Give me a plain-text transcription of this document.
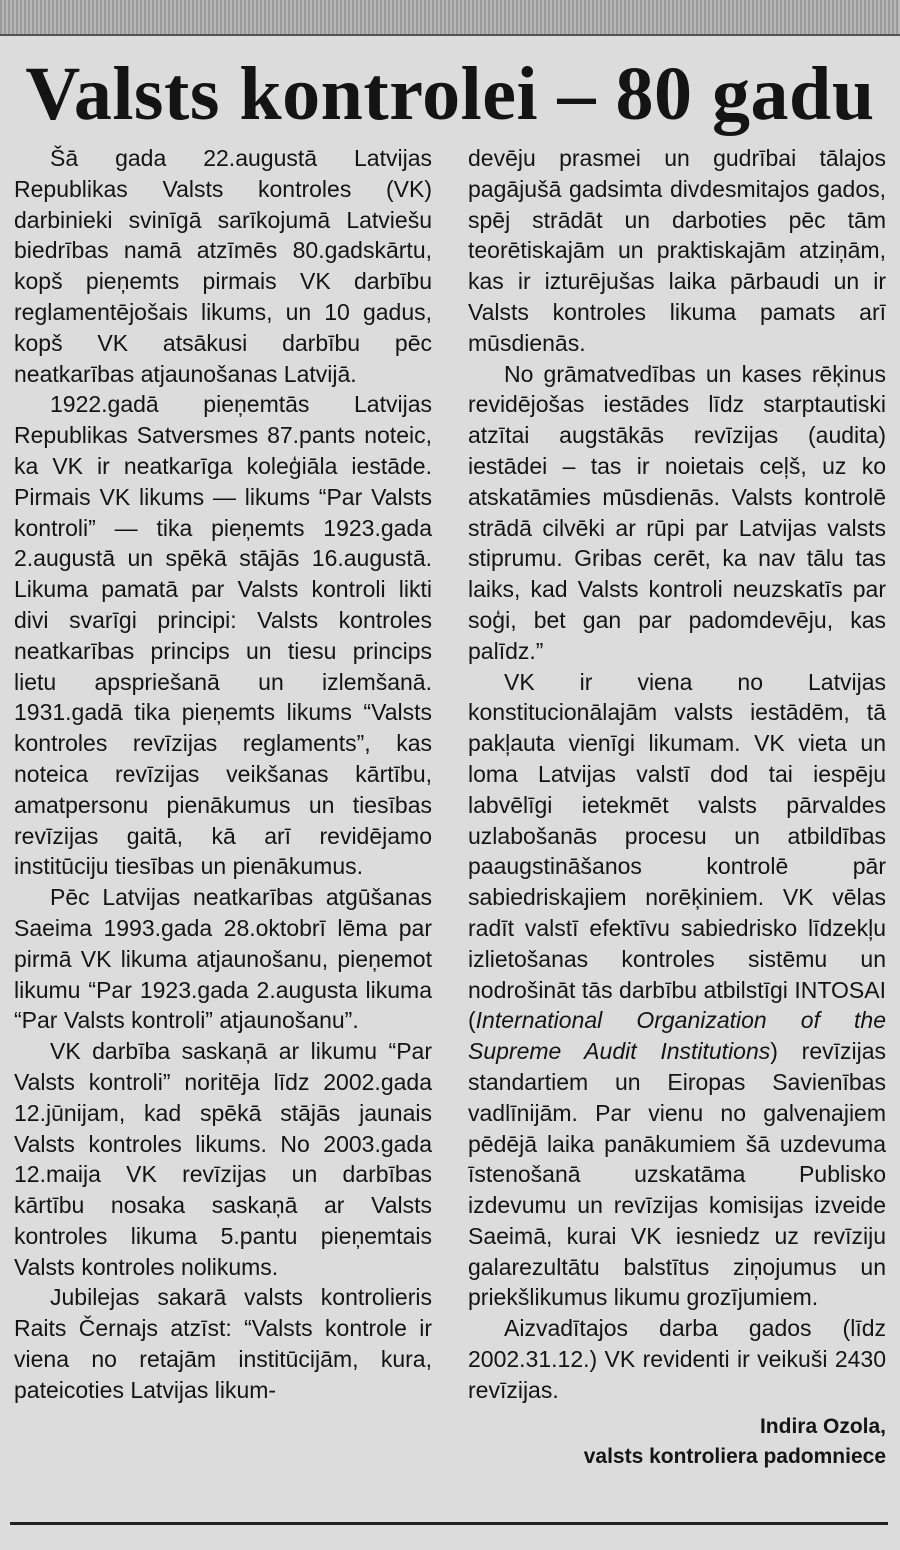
Valsts kontrolei – 80 gadu

Šā gada 22.augustā Latvijas Republikas Valsts kontroles (VK) darbinieki svinīgā sarīkojumā Latviešu biedrības namā atzīmēs 80.gadskārtu, kopš pieņemts pirmais VK darbību reglamentējošais likums, un 10 gadus, kopš VK atsākusi darbību pēc neatkarības atjaunošanas Latvijā.

1922.gadā pieņemtās Latvijas Republikas Satversmes 87.pants noteic, ka VK ir neatkarīga koleģiāla iestāde. Pirmais VK likums — likums “Par Valsts kontroli” — tika pieņemts 1923.gada 2.augustā un spēkā stājās 16.augustā. Likuma pamatā par Valsts kontroli likti divi svarīgi principi: Valsts kontroles neatkarības princips un tiesu princips lietu apspriešanā un izlemšanā. 1931.gadā tika pieņemts likums “Valsts kontroles revīzijas reglaments”, kas noteica revīzijas veikšanas kārtību, amatpersonu pienākumus un tiesības revīzijas gaitā, kā arī revidējamo institūciju tiesības un pienākumus.

Pēc Latvijas neatkarības atgūšanas Saeima 1993.gada 28.oktobrī lēma par pirmā VK likuma atjaunošanu, pieņemot likumu “Par 1923.gada 2.augusta likuma “Par Valsts kontroli” atjaunošanu”.

VK darbība saskaņā ar likumu “Par Valsts kontroli” noritēja līdz 2002.gada 12.jūnijam, kad spēkā stājās jaunais Valsts kontroles likums. No 2003.gada 12.maija VK revīzijas un darbības kārtību nosaka saskaņā ar Valsts kontroles likuma 5.pantu pieņemtais Valsts kontroles nolikums.

Jubilejas sakarā valsts kontrolieris Raits Černajs atzīst: “Valsts kontrole ir viena no retajām institūcijām, kura, pateicoties Latvijas likum-

devēju prasmei un gudrībai tālajos pagājušā gadsimta divdesmitajos gados, spēj strādāt un darboties pēc tām teorētiskajām un praktiskajām atziņām, kas ir izturējušas laika pārbaudi un ir Valsts kontroles likuma pamats arī mūsdienās.

No grāmatvedības un kases rēķinus revidējošas iestādes līdz starptautiski atzītai augstākās revīzijas (audita) iestādei – tas ir noietais ceļš, uz ko atskatāmies mūsdienās. Valsts kontrolē strādā cilvēki ar rūpi par Latvijas valsts stiprumu. Gribas cerēt, ka nav tālu tas laiks, kad Valsts kontroli neuzskatīs par soģi, bet gan par padomdevēju, kas palīdz.”

VK ir viena no Latvijas konstitucionālajām valsts iestādēm, tā pakļauta vienīgi likumam. VK vieta un loma Latvijas valstī dod tai iespēju labvēlīgi ietekmēt valsts pārvaldes uzlabošanās procesu un atbildības paaugstināšanos kontrolē pār sabiedriskajiem norēķiniem. VK vēlas radīt valstī efektīvu sabiedrisko līdzekļu izlietošanas kontroles sistēmu un nodrošināt tās darbību atbilstīgi INTOSAI (International Organization of the Supreme Audit Institutions) revīzijas standartiem un Eiropas Savienības vadlīnijām. Par vienu no galvenajiem pēdējā laika panākumiem šā uzdevuma īstenošanā uzskatāma Publisko izdevumu un revīzijas komisijas izveide Saeimā, kurai VK iesniedz uz revīziju galarezultātu balstītus ziņojumus un priekšlikumus likumu grozījumiem.

Aizvadītajos darba gados (līdz 2002.31.12.) VK revidenti ir veikuši 2430 revīzijas.

Indira Ozola,
valsts kontroliera padomniece
